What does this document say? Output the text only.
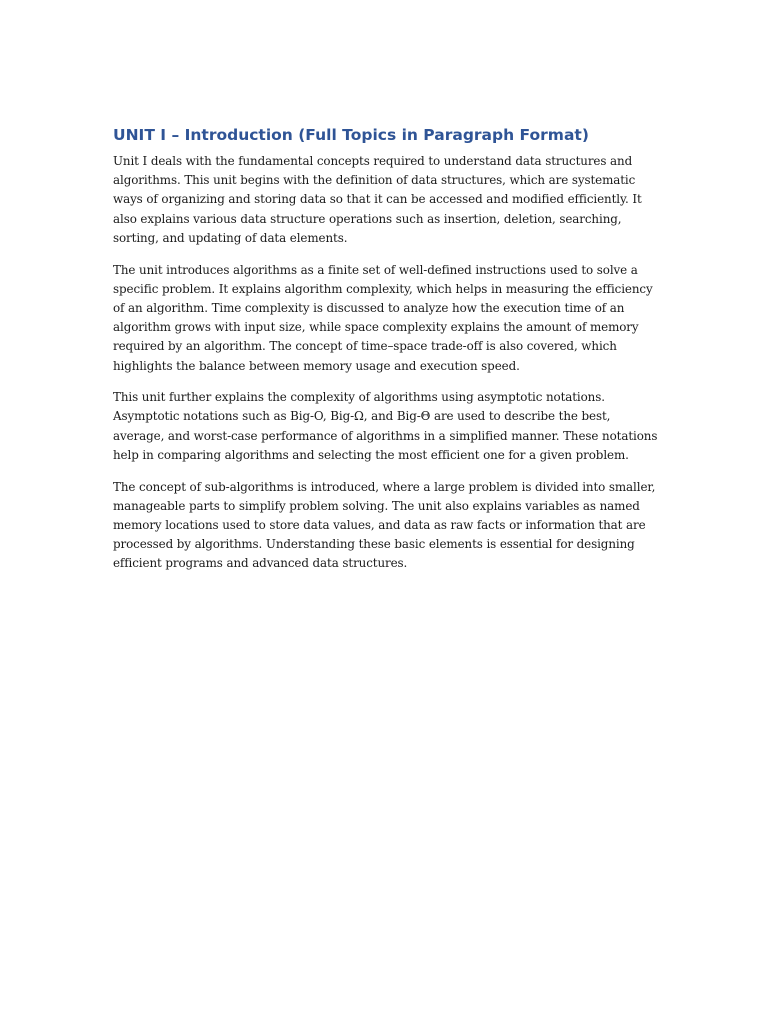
UNIT I – Introduction (Full Topics in Paragraph Format)

Unit I deals with the fundamental concepts required to understand data structures and algorithms. This unit begins with the definition of data structures, which are systematic ways of organizing and storing data so that it can be accessed and modified efficiently. It also explains various data structure operations such as insertion, deletion, searching, sorting, and updating of data elements.

The unit introduces algorithms as a finite set of well-defined instructions used to solve a specific problem. It explains algorithm complexity, which helps in measuring the efficiency of an algorithm. Time complexity is discussed to analyze how the execution time of an algorithm grows with input size, while space complexity explains the amount of memory required by an algorithm. The concept of time–space trade-off is also covered, which highlights the balance between memory usage and execution speed.

This unit further explains the complexity of algorithms using asymptotic notations. Asymptotic notations such as Big-O, Big-Ω, and Big-Θ are used to describe the best, average, and worst-case performance of algorithms in a simplified manner. These notations help in comparing algorithms and selecting the most efficient one for a given problem.

The concept of sub-algorithms is introduced, where a large problem is divided into smaller, manageable parts to simplify problem solving. The unit also explains variables as named memory locations used to store data values, and data as raw facts or information that are processed by algorithms. Understanding these basic elements is essential for designing efficient programs and advanced data structures.
